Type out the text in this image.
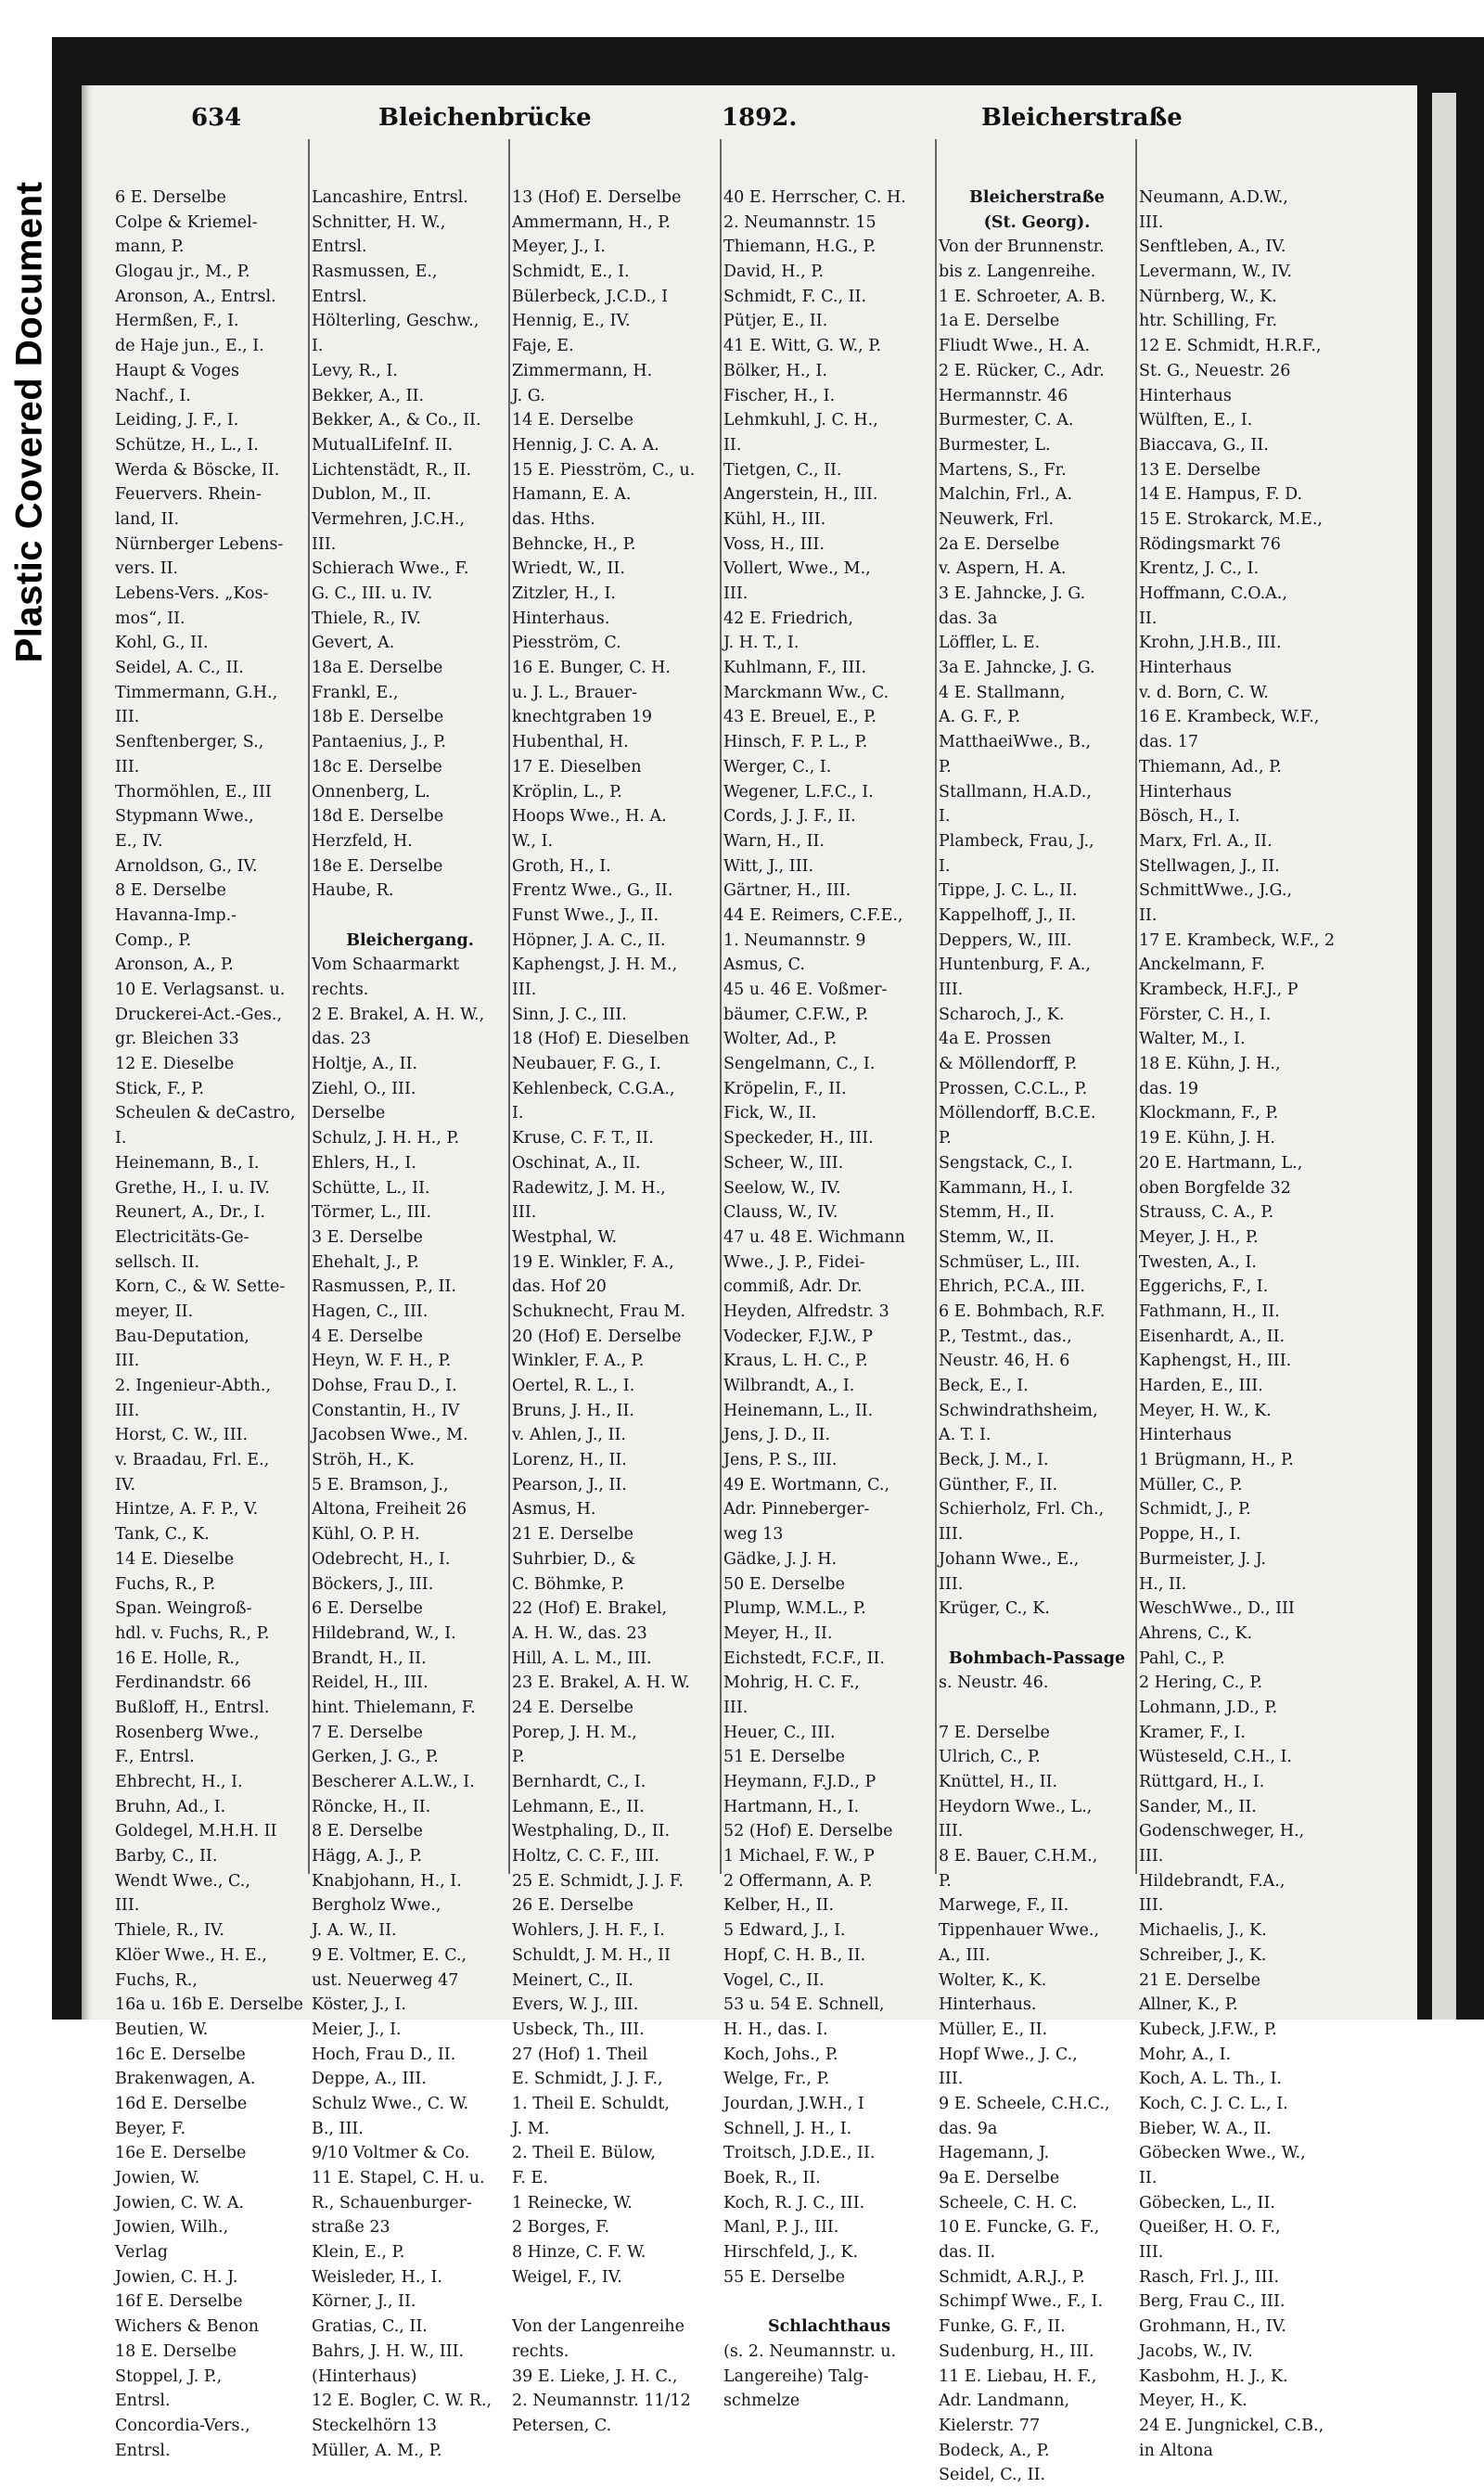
Plastic Covered Document
634	Bleichenbrücke	1892.	Bleicherstraße
6 E. Derselbe
Colpe & Kriemel-
mann, P.
Glogau jr., M., P.
Aronson, A., Entrsl.
Hermßen, F., I.
de Haje jun., E., I.
Haupt & Voges
Nachf., I.
Leiding, J. F., I.
Schütze, H., L., I.
Werda & Böscke, II.
Feuervers. Rhein-
land, II.
Nürnberger Lebens-
vers. II.
Lebens-Vers. „Kos-
mos“, II.
Kohl, G., II.
Seidel, A. C., II.
Timmermann, G.H.,
III.
Senftenberger, S.,
III.
Thormöhlen, E., III
Stypmann Wwe.,
E., IV.
Arnoldson, G., IV.
8 E. Derselbe
Havanna-Imp.-
Comp., P.
Aronson, A., P.
10 E. Verlagsanst. u.
Druckerei-Act.-Ges.,
gr. Bleichen 33
12 E. Dieselbe
Stick, F., P.
Scheulen & deCastro,
I.
Heinemann, B., I.
Grethe, H., I. u. IV.
Reunert, A., Dr., I.
Electricitäts-Ge-
sellsch. II.
Korn, C., & W. Sette-
meyer, II.
Bau-Deputation,
III.
2. Ingenieur-Abth.,
III.
Horst, C. W., III.
v. Braadau, Frl. E.,
IV.
Hintze, A. F. P., V.
Tank, C., K.
14 E. Dieselbe
Fuchs, R., P.
Span. Weingroß-
hdl. v. Fuchs, R., P.
16 E. Holle, R.,
Ferdinandstr. 66
Bußloff, H., Entrsl.
Rosenberg Wwe.,
F., Entrsl.
Ehbrecht, H., I.
Bruhn, Ad., I.
Goldegel, M.H.H. II
Barby, C., II.
Wendt Wwe., C.,
III.
Thiele, R., IV.
Klöer Wwe., H. E.,
Fuchs, R.,
16a u. 16b E. Derselbe
Beutien, W.
16c E. Derselbe
Brakenwagen, A.
16d E. Derselbe
Beyer, F.
16e E. Derselbe
Jowien, W.
Jowien, C. W. A.
Jowien, Wilh.,
Verlag
Jowien, C. H. J.
16f E. Derselbe
Wichers & Benon
18 E. Derselbe
Stoppel, J. P.,
Entrsl.
Concordia-Vers.,
Entrsl.
Lancashire, Entrsl.
Schnitter, H. W.,
Entrsl.
Rasmussen, E.,
Entrsl.
Hölterling, Geschw.,
I.
Levy, R., I.
Bekker, A., II.
Bekker, A., & Co., II.
MutualLifeInf. II.
Lichtenstädt, R., II.
Dublon, M., II.
Vermehren, J.C.H.,
III.
Schierach Wwe., F.
G. C., III. u. IV.
Thiele, R., IV.
Gevert, A.
18a E. Derselbe
Frankl, E.,
18b E. Derselbe
Pantaenius, J., P.
18c E. Derselbe
Onnenberg, L.
18d E. Derselbe
Herzfeld, H.
18e E. Derselbe
Haube, R.
Bleichergang.
Vom Schaarmarkt
rechts.
2 E. Brakel, A. H. W.,
das. 23
Holtje, A., II.
Ziehl, O., III.
Derselbe
Schulz, J. H. H., P.
Ehlers, H., I.
Schütte, L., II.
Törmer, L., III.
3 E. Derselbe
Ehehalt, J., P.
Rasmussen, P., II.
Hagen, C., III.
4 E. Derselbe
Heyn, W. F. H., P.
Dohse, Frau D., I.
Constantin, H., IV
Jacobsen Wwe., M.
Ströh, H., K.
5 E. Bramson, J.,
Altona, Freiheit 26
Kühl, O. P. H.
Odebrecht, H., I.
Böckers, J., III.
6 E. Derselbe
Hildebrand, W., I.
Brandt, H., II.
Reidel, H., III.
hint. Thielemann, F.
7 E. Derselbe
Gerken, J. G., P.
Bescherer A.L.W., I.
Röncke, H., II.
8 E. Derselbe
Hägg, A. J., P.
Knabjohann, H., I.
Bergholz Wwe.,
J. A. W., II.
9 E. Voltmer, E. C.,
ust. Neuerweg 47
Köster, J., I.
Meier, J., I.
Hoch, Frau D., II.
Deppe, A., III.
Schulz Wwe., C. W.
B., III.
9/10 Voltmer & Co.
11 E. Stapel, C. H. u.
R., Schauenburger-
straße 23
Klein, E., P.
Weisleder, H., I.
Körner, J., II.
Gratias, C., II.
Bahrs, J. H. W., III.
(Hinterhaus)
12 E. Bogler, C. W. R.,
Steckelhörn 13
Müller, A. M., P.
13 (Hof) E. Derselbe
Ammermann, H., P.
Meyer, J., I.
Schmidt, E., I.
Bülerbeck, J.C.D., I
Hennig, E., IV.
Faje, E.
Zimmermann, H.
J. G.
14 E. Derselbe
Hennig, J. C. A. A.
15 E. Piesström, C., u.
Hamann, E. A.
das. Hths.
Behncke, H., P.
Wriedt, W., II.
Zitzler, H., I.
Hinterhaus.
Piesström, C.
16 E. Bunger, C. H.
u. J. L., Brauer-
knechtgraben 19
Hubenthal, H.
17 E. Dieselben
Kröplin, L., P.
Hoops Wwe., H. A.
W., I.
Groth, H., I.
Frentz Wwe., G., II.
Funst Wwe., J., II.
Höpner, J. A. C., II.
Kaphengst, J. H. M.,
III.
Sinn, J. C., III.
18 (Hof) E. Dieselben
Neubauer, F. G., I.
Kehlenbeck, C.G.A.,
I.
Kruse, C. F. T., II.
Oschinat, A., II.
Radewitz, J. M. H.,
III.
Westphal, W.
19 E. Winkler, F. A.,
das. Hof 20
Schuknecht, Frau M.
20 (Hof) E. Derselbe
Winkler, F. A., P.
Oertel, R. L., I.
Bruns, J. H., II.
v. Ahlen, J., II.
Lorenz, H., II.
Pearson, J., II.
Asmus, H.
21 E. Derselbe
Suhrbier, D., &
C. Böhmke, P.
22 (Hof) E. Brakel,
A. H. W., das. 23
Hill, A. L. M., III.
23 E. Brakel, A. H. W.
24 E. Derselbe
Porep, J. H. M.,
P.
Bernhardt, C., I.
Lehmann, E., II.
Westphaling, D., II.
Holtz, C. C. F., III.
25 E. Schmidt, J. J. F.
26 E. Derselbe
Wohlers, J. H. F., I.
Schuldt, J. M. H., II
Meinert, C., II.
Evers, W. J., III.
Usbeck, Th., III.
27 (Hof) 1. Theil
E. Schmidt, J. J. F.,
1. Theil E. Schuldt,
J. M.
2. Theil E. Bülow,
F. E.
1 Reinecke, W.
2 Borges, F.
8 Hinze, C. F. W.
Weigel, F., IV.
Von der Langenreihe
rechts.
39 E. Lieke, J. H. C.,
2. Neumannstr. 11/12
Petersen, C.
40 E. Herrscher, C. H.
2. Neumannstr. 15
Thiemann, H.G., P.
David, H., P.
Schmidt, F. C., II.
Pütjer, E., II.
41 E. Witt, G. W., P.
Bölker, H., I.
Fischer, H., I.
Lehmkuhl, J. C. H.,
II.
Tietgen, C., II.
Angerstein, H., III.
Kühl, H., III.
Voss, H., III.
Vollert, Wwe., M.,
III.
42 E. Friedrich,
J. H. T., I.
Kuhlmann, F., III.
Marckmann Ww., C.
43 E. Breuel, E., P.
Hinsch, F. P. L., P.
Werger, C., I.
Wegener, L.F.C., I.
Cords, J. J. F., II.
Warn, H., II.
Witt, J., III.
Gärtner, H., III.
44 E. Reimers, C.F.E.,
1. Neumannstr. 9
Asmus, C.
45 u. 46 E. Voßmer-
bäumer, C.F.W., P.
Wolter, Ad., P.
Sengelmann, C., I.
Kröpelin, F., II.
Fick, W., II.
Speckeder, H., III.
Scheer, W., III.
Seelow, W., IV.
Clauss, W., IV.
47 u. 48 E. Wichmann
Wwe., J. P., Fidei-
commiß, Adr. Dr.
Heyden, Alfredstr. 3
Vodecker, F.J.W., P
Kraus, L. H. C., P.
Wilbrandt, A., I.
Heinemann, L., II.
Jens, J. D., II.
Jens, P. S., III.
49 E. Wortmann, C.,
Adr. Pinneberger-
weg 13
Gädke, J. J. H.
50 E. Derselbe
Plump, W.M.L., P.
Meyer, H., II.
Eichstedt, F.C.F., II.
Mohrig, H. C. F.,
III.
Heuer, C., III.
51 E. Derselbe
Heymann, F.J.D., P
Hartmann, H., I.
52 (Hof) E. Derselbe
1 Michael, F. W., P
2 Offermann, A. P.
Kelber, H., II.
5 Edward, J., I.
Hopf, C. H. B., II.
Vogel, C., II.
53 u. 54 E. Schnell,
H. H., das. I.
Koch, Johs., P.
Welge, Fr., P.
Jourdan, J.W.H., I
Schnell, J. H., I.
Troitsch, J.D.E., II.
Boek, R., II.
Koch, R. J. C., III.
Manl, P. J., III.
Hirschfeld, J., K.
55 E. Derselbe
Schlachthaus
(s. 2. Neumannstr. u.
Langereihe) Talg-
schmelze
Bleicherstraße
(St. Georg).
Von der Brunnenstr.
bis z. Langenreihe.
1 E. Schroeter, A. B.
1a E. Derselbe
Fliudt Wwe., H. A.
2 E. Rücker, C., Adr.
Hermannstr. 46
Burmester, C. A.
Burmester, L.
Martens, S., Fr.
Malchin, Frl., A.
Neuwerk, Frl.
2a E. Derselbe
v. Aspern, H. A.
3 E. Jahncke, J. G.
das. 3a
Löffler, L. E.
3a E. Jahncke, J. G.
4 E. Stallmann,
A. G. F., P.
MatthaeiWwe., B.,
P.
Stallmann, H.A.D.,
I.
Plambeck, Frau, J.,
I.
Tippe, J. C. L., II.
Kappelhoff, J., II.
Deppers, W., III.
Huntenburg, F. A.,
III.
Scharoch, J., K.
4a E. Prossen
& Möllendorff, P.
Prossen, C.C.L., P.
Möllendorff, B.C.E.
P.
Sengstack, C., I.
Kammann, H., I.
Stemm, H., II.
Stemm, W., II.
Schmüser, L., III.
Ehrich, P.C.A., III.
6 E. Bohmbach, R.F.
P., Testmt., das.,
Neustr. 46, H. 6
Beck, E., I.
Schwindrathsheim,
A. T. I.
Beck, J. M., I.
Günther, F., II.
Schierholz, Frl. Ch.,
III.
Johann Wwe., E.,
III.
Krüger, C., K.
Bohmbach-Passage
s. Neustr. 46.
7 E. Derselbe
Ulrich, C., P.
Knüttel, H., II.
Heydorn Wwe., L.,
III.
8 E. Bauer, C.H.M.,
P.
Marwege, F., II.
Tippenhauer Wwe.,
A., III.
Wolter, K., K.
Hinterhaus.
Müller, E., II.
Hopf Wwe., J. C.,
III.
9 E. Scheele, C.H.C.,
das. 9a
Hagemann, J.
9a E. Derselbe
Scheele, C. H. C.
10 E. Funcke, G. F.,
das. II.
Schmidt, A.R.J., P.
Schimpf Wwe., F., I.
Funke, G. F., II.
Sudenburg, H., III.
11 E. Liebau, H. F.,
Adr. Landmann,
Kielerstr. 77
Bodeck, A., P.
Seidel, C., II.
Neumann, A.D.W.,
III.
Senftleben, A., IV.
Levermann, W., IV.
Nürnberg, W., K.
htr. Schilling, Fr.
12 E. Schmidt, H.R.F.,
St. G., Neuestr. 26
Hinterhaus
Wülften, E., I.
Biaccava, G., II.
13 E. Derselbe
14 E. Hampus, F. D.
15 E. Strokarck, M.E.,
Rödingsmarkt 76
Krentz, J. C., I.
Hoffmann, C.O.A.,
II.
Krohn, J.H.B., III.
Hinterhaus
v. d. Born, C. W.
16 E. Krambeck, W.F.,
das. 17
Thiemann, Ad., P.
Hinterhaus
Bösch, H., I.
Marx, Frl. A., II.
Stellwagen, J., II.
SchmittWwe., J.G.,
II.
17 E. Krambeck, W.F., 2
Anckelmann, F.
Krambeck, H.F.J., P
Förster, C. H., I.
Walter, M., I.
18 E. Kühn, J. H.,
das. 19
Klockmann, F., P.
19 E. Kühn, J. H.
20 E. Hartmann, L.,
oben Borgfelde 32
Strauss, C. A., P.
Meyer, J. H., P.
Twesten, A., I.
Eggerichs, F., I.
Fathmann, H., II.
Eisenhardt, A., II.
Kaphengst, H., III.
Harden, E., III.
Meyer, H. W., K.
Hinterhaus
1 Brügmann, H., P.
Müller, C., P.
Schmidt, J., P.
Poppe, H., I.
Burmeister, J. J.
H., II.
WeschWwe., D., III
Ahrens, C., K.
Pahl, C., P.
2 Hering, C., P.
Lohmann, J.D., P.
Kramer, F., I.
Wüsteseld, C.H., I.
Rüttgard, H., I.
Sander, M., II.
Godenschweger, H.,
III.
Hildebrandt, F.A.,
III.
Michaelis, J., K.
Schreiber, J., K.
21 E. Derselbe
Allner, K., P.
Kubeck, J.F.W., P.
Mohr, A., I.
Koch, A. L. Th., I.
Koch, C. J. C. L., I.
Bieber, W. A., II.
Göbecken Wwe., W.,
II.
Göbecken, L., II.
Queißer, H. O. F.,
III.
Rasch, Frl. J., III.
Berg, Frau C., III.
Grohmann, H., IV.
Jacobs, W., IV.
Kasbohm, H. J., K.
Meyer, H., K.
24 E. Jungnickel, C.B.,
in Altona
